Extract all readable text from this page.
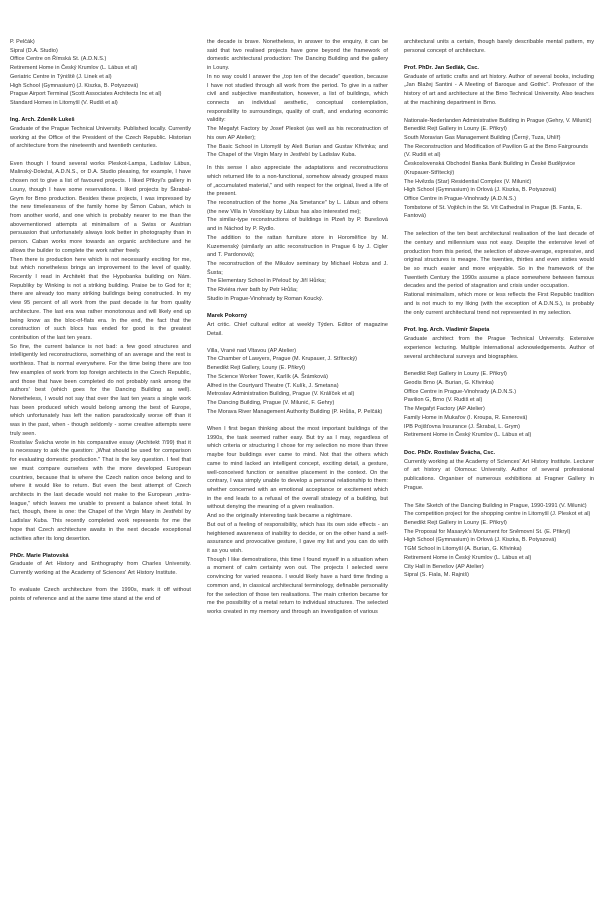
P. Pelčák)
Sipral (D.A. Studio)
Office Centre on Římská St. (A.D.N.S.)
Retirement Home in Český Krumlov (L. Lábus et al)
Geriatric Centre in Týniště (J. Linek et al)
High School (Gymnasium) (J. Kiszka, B. Potyszová)
Prague Airport Terminal (Scott Associates Architects Inc et al)
Standard Homes in Litomyšl (V. Rudiš et al)

Ing. Arch. Zdeněk Lukeš

Graduate of the Prague Technical University. Published locally. Currently working at the Office of the President of the Czech Republic. Historian of architecture from the nineteenth and twentieth centuries.

Even though I found several works Pleskot-Lampa, Ladislav Lábus, Malinský-Doležal, A.D.N.S., or D.A. Studio pleasing, for example, I have chosen not to give a list of favoured projects. I liked Přikryl's gallery in Louny, though I have some reservations. I liked projects by Škrabal-Grym for Brno production. Besides these projects, I was impressed by the new timelessness of the family home by Šimon Caban, which is from another world, and one which is probably nearer to me than the abovementioned attempts at minimalism of a Swiss or Austrian persuasion that unfortunately always look better in photography than in person. Caban works more towards an organic architecture and he allows the builder to complete the work rather freely.

Then there is production here which is not necessarily exciting for me, but which nonetheless brings an improvement to the level of quality. Recently I read in Architekt that the Hypobanka building on Nám. Republiky by Winking is not a striking building. Praise be to God for it; there are already too many striking buildings being constructed. In my view 95 percent of all work from the past decade is far from quality architecture. The last era was rather monotonous and will likely end up being know as the bloc-of-flats era. In the end, the fact that the construction of such blocs has ended for good is the greatest contribution of the last ten years.

So fine, the current balance is not bad: a few good structures and intelligently led reconstructions, something of an average and the rest is worthless. That is normal everywhere. For the time being there are too few examples of work from top foreign architects in the Czech Republic, and those that have been completed do not probably rank among the authors' best (which goes for the Dancing Building as well). Nonetheless, I would not say that over the last ten years a single work has been produced which would belong among the best of Europe, which unfortunately has left the nation paradoxically worse off than it was in the past, when - though seldomly - some creative attempts were truly seen.

Rostislav Švácha wrote in his comparative essay (Architekt 7/99) that it is necessary to ask the question: „What should be used for comparison for evaluating domestic production." That is the key question. I feel that we must compare ourselves with the more developed European countries, because that is where the Czech nation once belong and to where it would like to return. But even the best attempt of Czech architects in the last decade would not make to the European „extra-league," which leaves me unable to present a balance sheet total. In fact, though, there is one: the Chapel of the Virgin Mary in Jestřebí by Ladislav Kuba. This recently completed work represents for me the hope that Czech architecture awaits in the next decade exceptional activities after its long desertion.

PhDr. Marie Platovská

Graduate of Art History and Enthography from Charles University. Currently working at the Academy of Sciences' Art History Institute.

To evaluate Czech architecture from the 1990s, mark it off without points of reference and at the same time stand at the end of

the decade is brave. Nonetheless, in answer to the enquiry, it can be said that two realised projects have gone beyond the framework of domestic architectural production: The Dancing Building and the gallery in Louny.

In no way could I answer the „top ten of the decade" question, because I have not studied through all work from the period. To give in a rather civil and subjective manifestation, however, a list of buildings, which connects an individual aesthetic, conceptual contemplation, responsibility to surroundings, quality of craft, and enduring economic validity:

The Megafyt Factory by Josef Pleskot (as well as his reconstruction of his own AP Atelier);

The Basic School in Litomyšl by Aleš Burian and Gustav Křivinka; and The Chapel of the Virgin Mary in Jestřebí by Ladislav Kuba.

In this sense I also appreciate the adaptations and reconstructions which returned life to a non-functional, somehow already grouped mass of „accumulated material," and with respect for the original, lived a life of the present.

The reconstruction of the home „Na Smetance" by L. Lábus and others (the new Villa in Vonoklasy by Lábus has also interested me);

The similar-type reconstructions of buildings in Plzeň by P. Burešová and in Náchod by P. Rydlo.

The addition to the rattan furniture store in Horoměřice by M. Kuzemenský (similarly an attic reconstruction in Prague 6 by J. Cigler and T. Pardonová);

The reconstruction of the Mikulov seminary by Michael Hobza and J. Šusta;

The Elementary School in Přelouč by Jiří Hůrka;

The Riviéra river bath by Petr Hrůša;

Studio in Prague-Vinohrady by Roman Koucký.

Marek Pokorný

Art critic. Chief cultural editor at weekly Týden. Editor of magazine Detail.

Villa, Vrané nad Vltavou (AP Atelier)
The Chamber of Lawyers, Prague (M. Krupauer, J. Střítecký)
Benedikt Rejt Gallery, Louny (E. Přikryl)
The Science Worker Tower, Karlík (A. Šrámková)
Alfred in the Courtyard Theatre (T. Kulík, J. Smetana)
Metroslav Administration Building, Prague (V. Králíček et al)
The Dancing Building, Prague (V. Milunić, F. Gehry)
The Morava River Management Authority Building (P. Hrůša, P. Pelčák)

When I first began thinking about the most important buildings of the 1990s, the task seemed rather easy. But try as I may, regardless of which criteria or structuring I chose for my selection no more than three maybe four buildings ever came to mind. Not that the others which came to mind lacked an intelligent concept, exciting detail, a gesture, well-conceived function or sensitive placement in the context. On the contrary, I was simply unable to develop a personal relationship to them: whether concerned with an emotional acceptance or excitement which in the end leads to a refusal of the overall strategy of a building, but without denying the meaning of a given realisation.

And so the originally interesting task became a nightmare.

But out of a feeling of responsibility, which has its own side effects - an heightened awareness of inability to decide, or on the other hand a self-assurance and provocative gesture, I gave my list and you can do with it as you wish.

Though I like demostrations, this time I found myself in a situation when a moment of calm certainty won out. The projects I selected were convincing for varied reasons. I would likely have a hard time finding a common and, in classical architectural terminology, definable personality for the selection of those ten realisations. The main criterion became for me the possibility of a metal return to individual structures. The selected works created in my memory and through an investigation of various

architectural units a certain, though barely describable mental pattern, my personal concept of architecture.

Prof. PhDr. Jan Sedlák, Csc.

Graduate of artistic crafts and art history. Author of several books, including „Jan Blažej Santini - A Meeting of Baroque and Gothic". Professor of the history of art and architecture at the Brno Technical University. Also teaches at the machining department in Brno.

Nationale-Nederlanden Administrative Building in Prague (Gehry, V. Milunić)
Benedikt Rejt Gallery in Louny (E. Přikryl)
South Moravian Gas Management Building (Černý, Tuza, Uhlíř)
The Reconstruction and Modification of Pavilion G at the Brno Fairgrounds (V. Rudiš et al)
Československá Obchodní Banka Bank Building in České Budějovice (Krupauer-Střítecký)
The Hvězda (Star) Residential Complex (V. Milunić)
High School (Gymnasium) in Orlová (J. Kiszka, B. Potyszová)
Office Centre in Prague-Vinohrady (A.D.N.S.)
Tombstone of St. Vojtěch in the St. Vít Cathedral in Prague (B. Fanta, E. Fantová)

The selection of the ten best architectural realisation of the last decade of the century and millennium was not easy. Despite the extensive level of production from this period, the selection of above-average, expressive, and original structures is meagre. The twenties, thirties and even sixties would be so much easier and more enjoyable. So in the framework of the Twentieth Century the 1990s assume a place somewhere between famous decades and the period of stagnation and crisis under occupation.

Rational minimalism, which more or less reflects the First Republic tradition and is not much to my liking (with the exception of A.D.N.S.), is probably the only current architectural trend not represented in my selection.

Prof. Ing. Arch. Vladimír Šlapeta

Graduate architect from the Prague Technical University. Extensive experience lecturing. Multiple international acknowledgements. Author of several architectural surveys and biographies.

Benedikt Rejt Gallery in Louny (E. Přikryl)
Geodis Brno (A. Burian, G. Křivinka)
Office Centre in Prague-Vinohrady (A.D.N.S.)
Pavilion G, Brno (V. Rudiš et al)
The Megafyt Factory (AP Atelier)
Family Home in Mukařov (I. Kroupa, R. Exnerová)
IPB Pojišťovna Insurance (J. Škrabal, L. Grym)
Retirement Home in Český Krumlov (L. Lábus et al)

Doc. PhDr. Rostislav Švácha, Csc.

Currently working at the Academy of Sciences' Art History Institute. Lecturer of art history at Olomouc University. Author of several professional publications. Organiser of numerous exhibitions at Fragner Gallery in Prague.

The Site Sketch of the Dancing Building in Prague, 1990-1991 (V. Milunić)
The competition project for the shopping centre in Litomyšl (J. Pleskot et al)
Benedikt Rejt Gallery in Louny (E. Přikryl)
The Proposal for Masaryk's Monument for Sněmovní St. (E. Přikryl)
High School (Gymnasium) in Orlová (J. Kiszka, B. Potyszová)
TGM School in Litomyšl (A. Burian, G. Křivinka)
Retirement Home in Český Krumlov (L. Lábus et al)
City Hall in Benešov (AP Atelier)
Sipral (S. Fiala, M. Rajniš)
